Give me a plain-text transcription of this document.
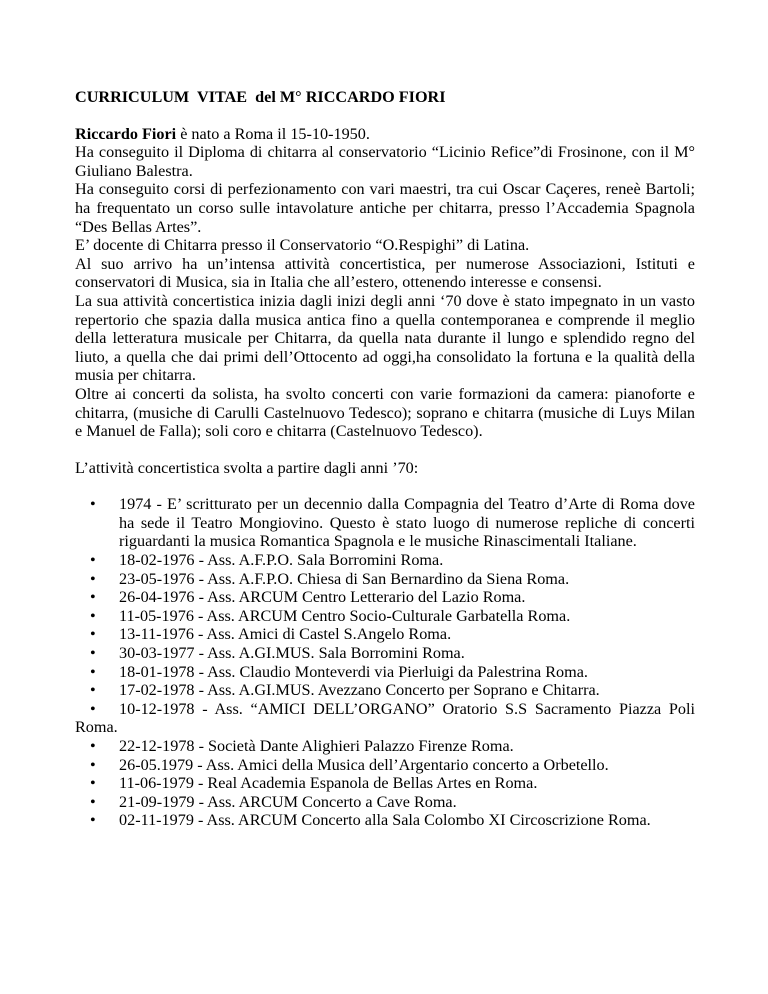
CURRICULUM  VITAE  del M° RICCARDO FIORI

Riccardo Fiori è nato a Roma il 15-10-1950.

Ha conseguito il Diploma di chitarra al conservatorio “Licinio Refice”di Frosinone, con il M° Giuliano Balestra.

Ha conseguito corsi di perfezionamento con vari maestri, tra cui Oscar Caçeres, reneè Bartoli; ha frequentato un corso sulle intavolature antiche per chitarra, presso l’Accademia Spagnola “Des Bellas Artes”.

E’ docente di Chitarra presso il Conservatorio “O.Respighi” di Latina.

Al suo arrivo ha un’intensa attività concertistica, per numerose Associazioni, Istituti e conservatori di Musica, sia in Italia che all’estero, ottenendo interesse e consensi.

La sua attività concertistica inizia dagli inizi degli anni ‘70 dove è stato impegnato in un vasto repertorio che spazia dalla musica antica fino a quella contemporanea e comprende il meglio della letteratura musicale per Chitarra, da quella nata durante il lungo e splendido regno del liuto, a quella che dai primi dell’Ottocento ad oggi,ha consolidato la fortuna e la qualità della musia per chitarra.

Oltre ai concerti da solista, ha svolto concerti con varie formazioni da camera: pianoforte e chitarra, (musiche di Carulli Castelnuovo Tedesco); soprano e chitarra (musiche di Luys Milan e Manuel de Falla); soli coro e chitarra (Castelnuovo Tedesco).

L’attività concertistica svolta a partire dagli anni ’70:

• 1974 - E’ scritturato per un decennio dalla Compagnia del Teatro d’Arte di Roma dove ha sede il Teatro Mongiovino. Questo è stato luogo di numerose repliche di concerti riguardanti la musica Romantica Spagnola e le musiche Rinascimentali Italiane.
• 18-02-1976 - Ass. A.F.P.O. Sala Borromini Roma.
• 23-05-1976 - Ass. A.F.P.O. Chiesa di San Bernardino da Siena Roma.
• 26-04-1976 - Ass. ARCUM Centro Letterario del Lazio Roma.
• 11-05-1976 - Ass. ARCUM Centro Socio-Culturale Garbatella Roma.
• 13-11-1976 - Ass. Amici di Castel S.Angelo Roma.
• 30-03-1977 - Ass. A.GI.MUS. Sala Borromini Roma.
• 18-01-1978 - Ass. Claudio Monteverdi via Pierluigi da Palestrina Roma.
• 17-02-1978 - Ass. A.GI.MUS. Avezzano Concerto per Soprano e Chitarra.
•	10-12-1978 - Ass. “AMICI DELL’ORGANO” Oratorio S.S Sacramento Piazza Poli Roma.
• 22-12-1978 - Società Dante Alighieri Palazzo Firenze Roma.
• 26-05.1979 - Ass. Amici della Musica dell’Argentario concerto a Orbetello.
• 11-06-1979 - Real Academia Espanola de Bellas Artes en Roma.
• 21-09-1979 - Ass. ARCUM Concerto a Cave Roma.
• 02-11-1979 - Ass. ARCUM Concerto alla Sala Colombo XI Circoscrizione Roma.
